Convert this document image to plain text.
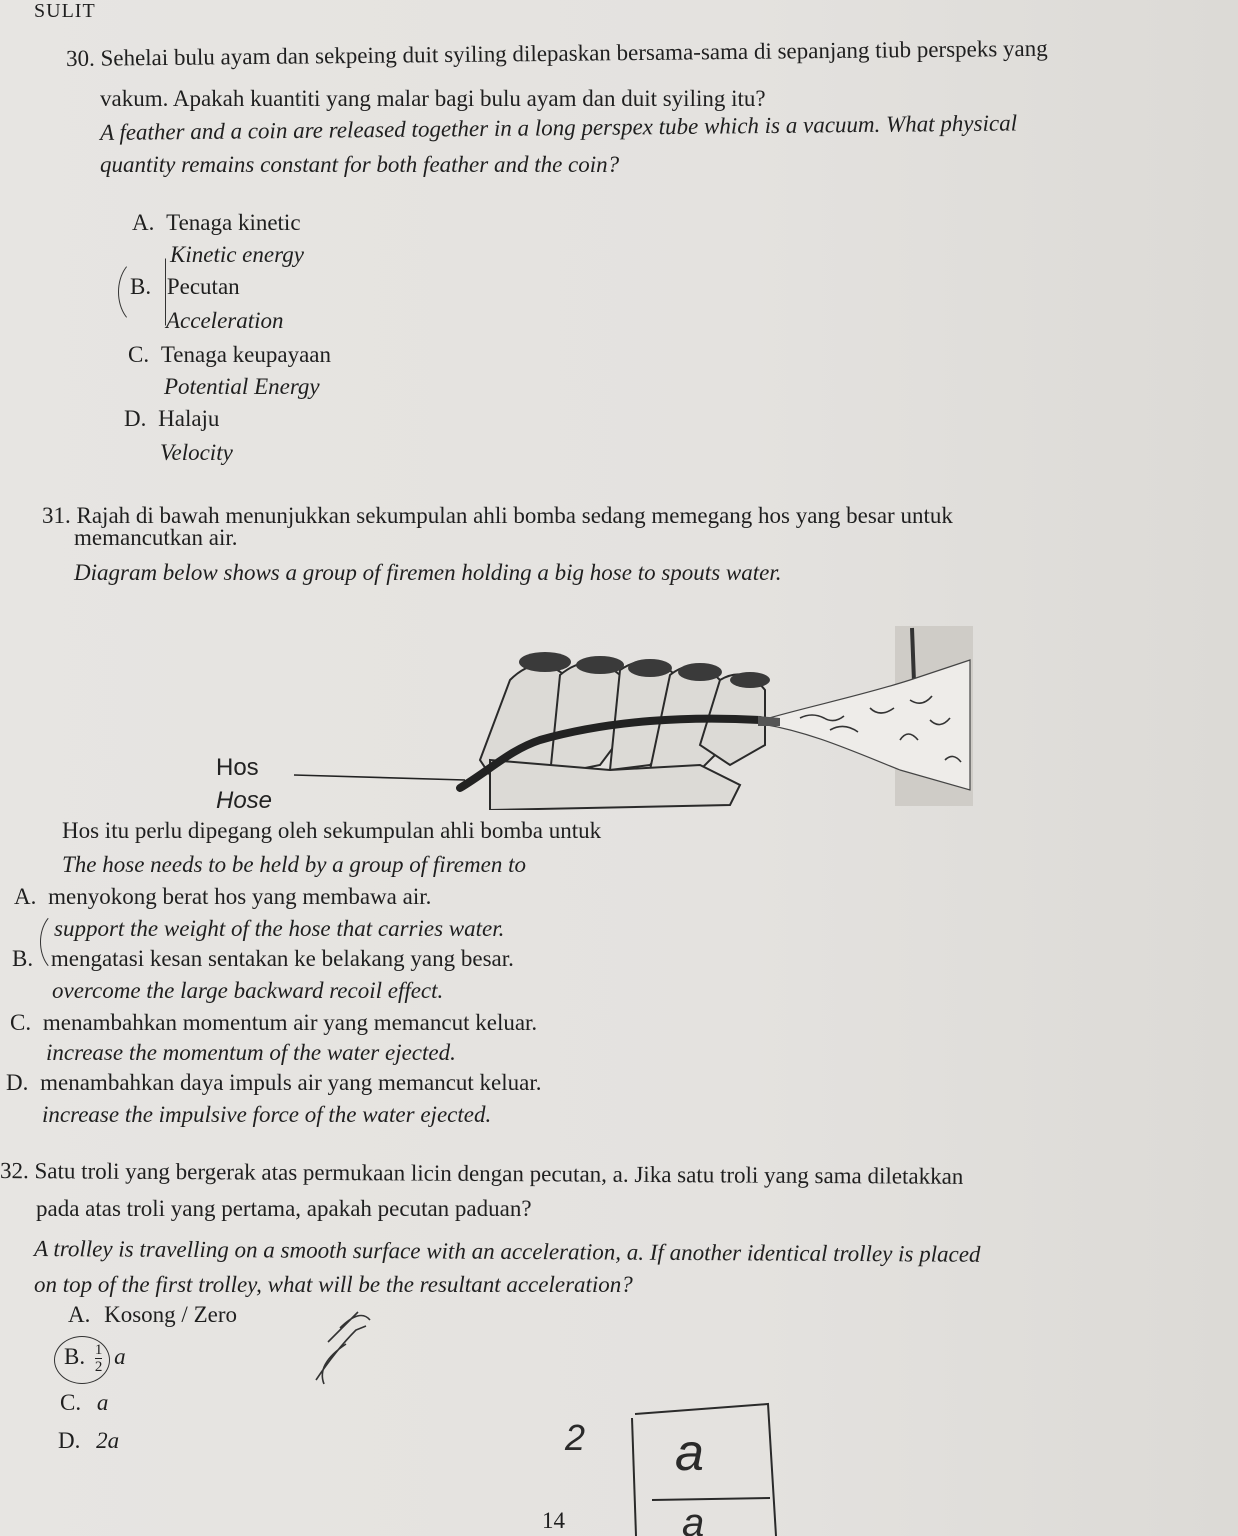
SULIT
30. Sehelai bulu ayam dan sekpeing duit syiling dilepaskan bersama-sama di sepanjang tiub perspeks yang
vakum. Apakah kuantiti yang malar bagi bulu ayam dan duit syiling itu?
A feather and a coin are released together in a long perspex tube which is a vacuum. What physical
quantity remains constant for both feather and the coin?
A. Tenaga kinetic
Kinetic energy
B. Pecutan
Acceleration
C. Tenaga keupayaan
Potential Energy
D. Halaju
Velocity
31. Rajah di bawah menunjukkan sekumpulan ahli bomba sedang memegang hos yang besar untuk
memancutkan air.
Diagram below shows a group of firemen holding a big hose to spouts water.
Hos
Hose
Hos itu perlu dipegang oleh sekumpulan ahli bomba untuk
The hose needs to be held by a group of firemen to
A. menyokong berat hos yang membawa air.
support the weight of the hose that carries water.
B. mengatasi kesan sentakan ke belakang yang besar.
overcome the large backward recoil effect.
C. menambahkan momentum air yang memancut keluar.
increase the momentum of the water ejected.
D. menambahkan daya impuls air yang memancut keluar.
increase the impulsive force of the water ejected.
32. Satu troli yang bergerak atas permukaan licin dengan pecutan, a. Jika satu troli yang sama diletakkan
pada atas troli yang pertama, apakah pecutan paduan?
A trolley is travelling on a smooth surface with an acceleration, a. If another identical trolley is placed
on top of the first trolley, what will be the resultant acceleration?
A. Kosong / Zero
B. $\frac{1}{2}$ a
C. a
D. 2a	2 a
a
14
